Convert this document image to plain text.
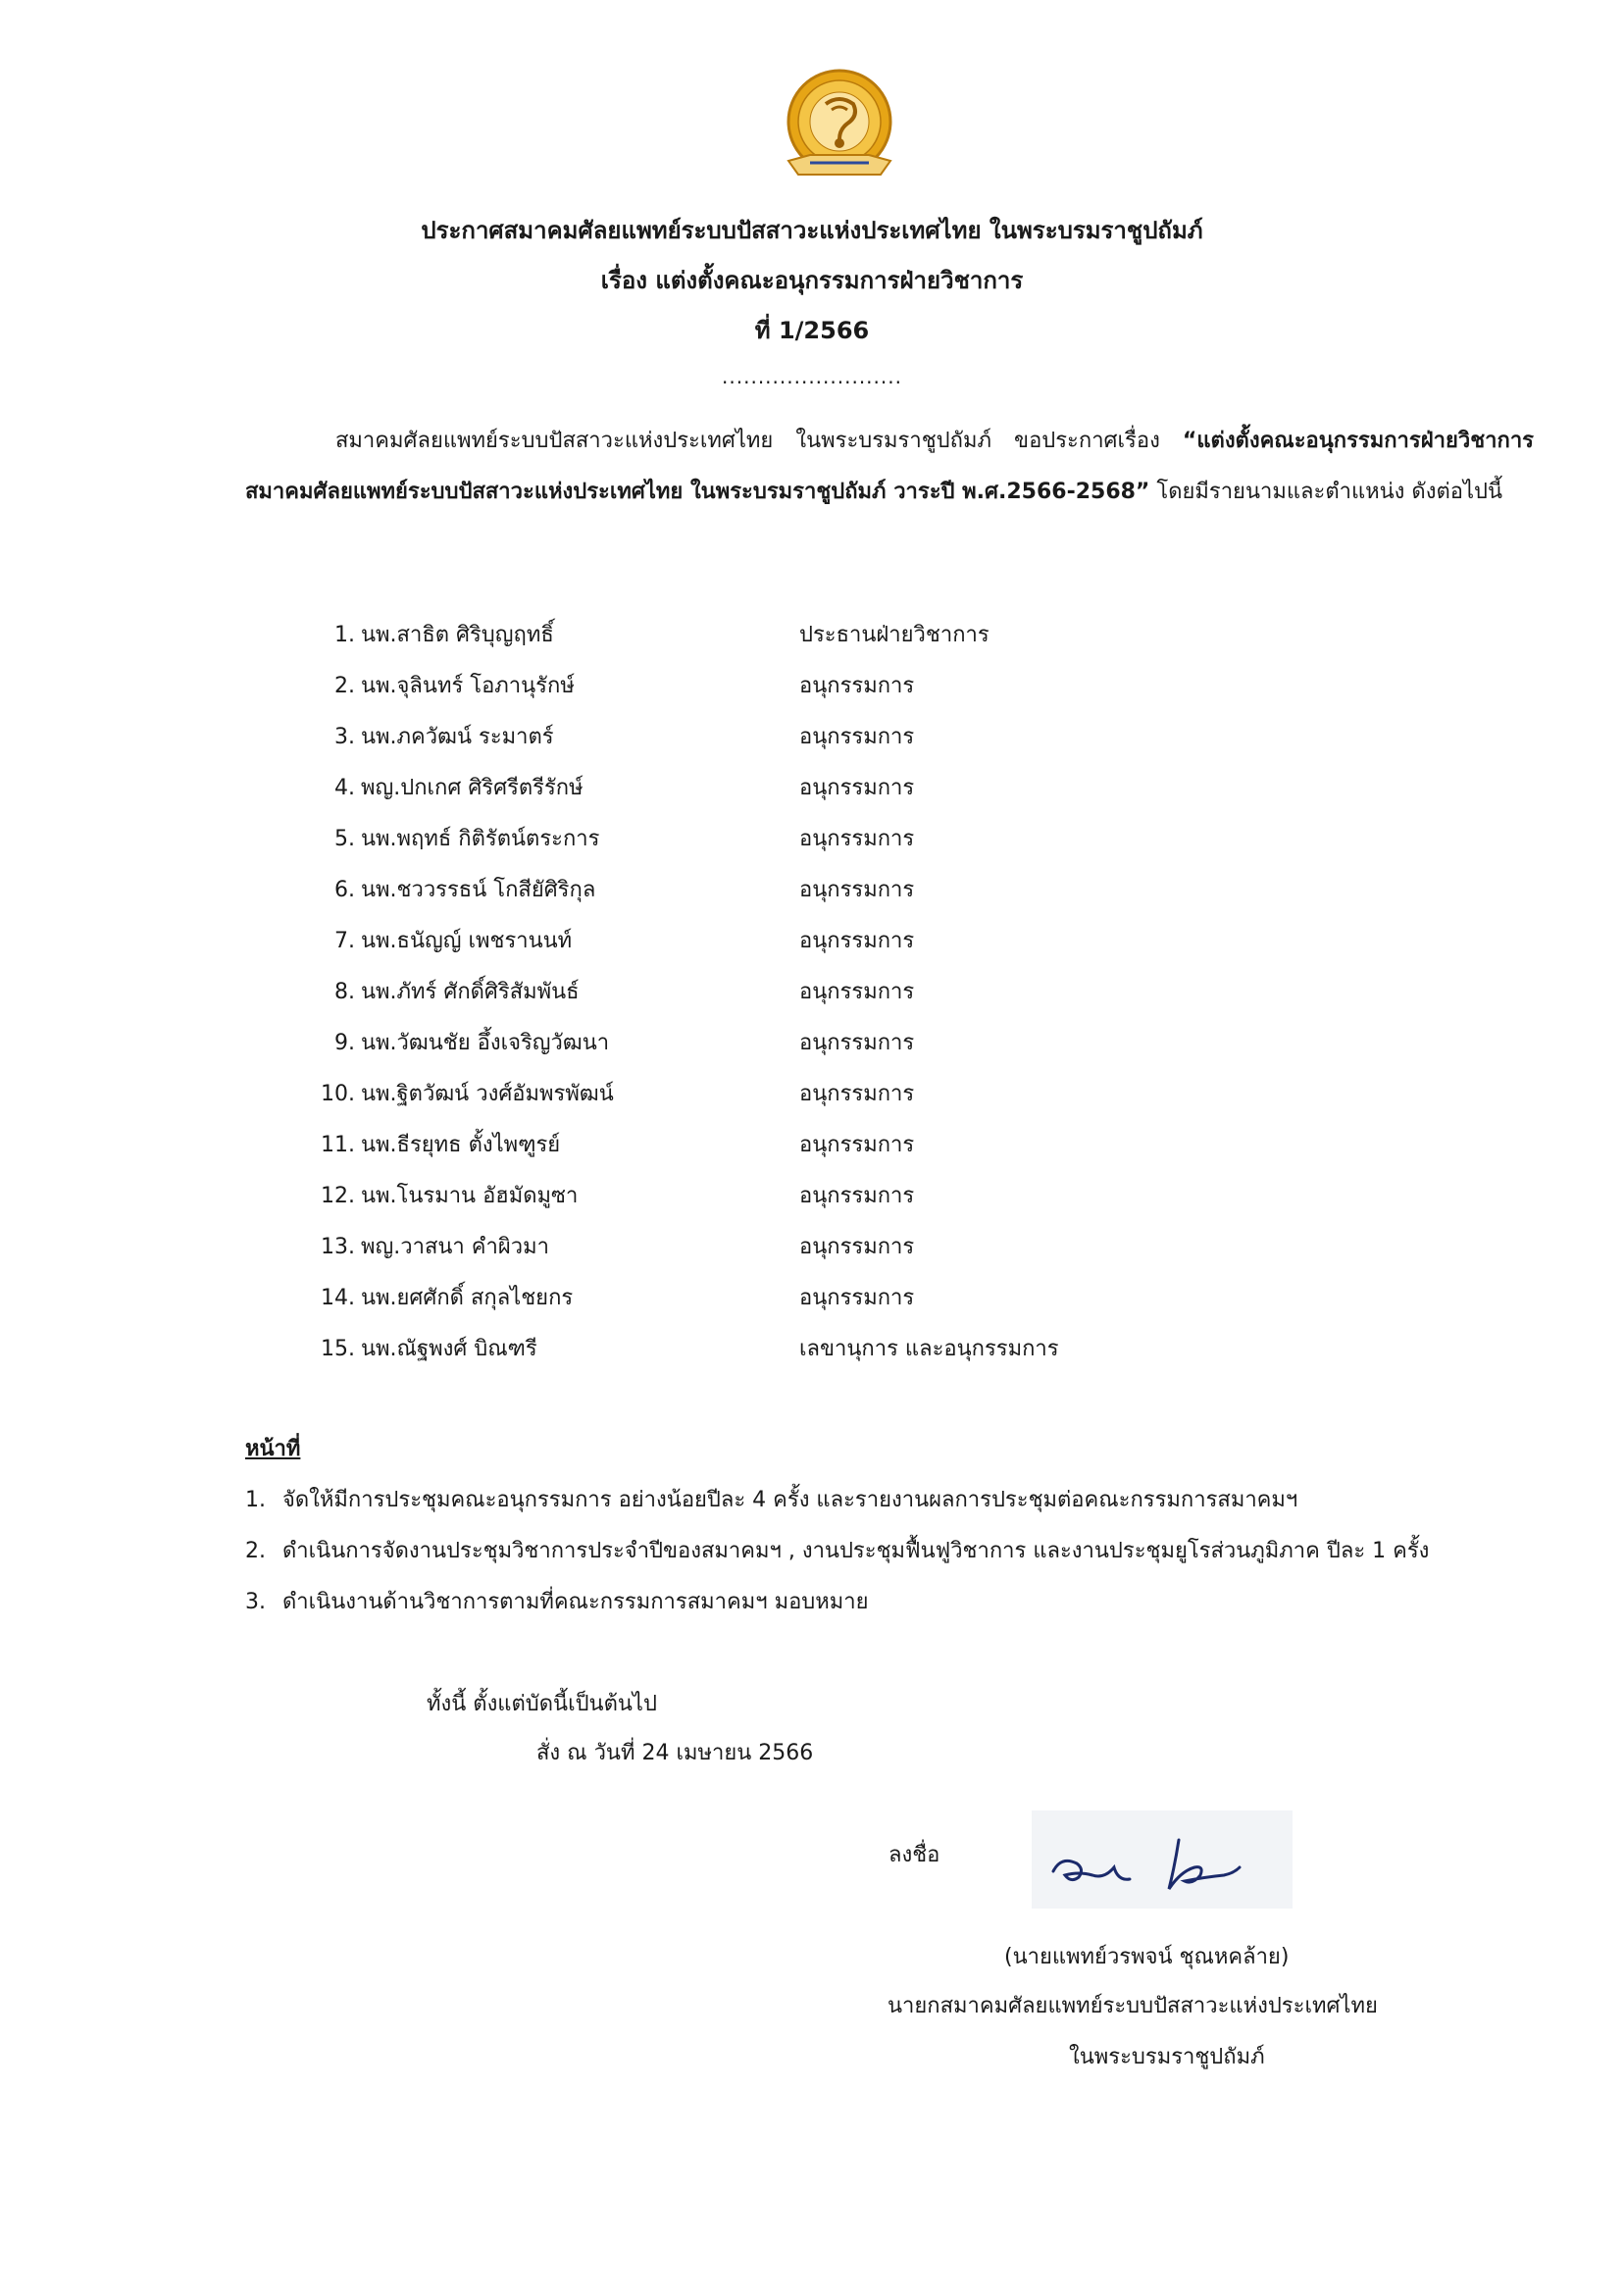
ประกาศสมาคมศัลยแพทย์ระบบปัสสาวะแห่งประเทศไทย ในพระบรมราชูปถัมภ์
เรื่อง แต่งตั้งคณะอนุกรรมการฝ่ายวิชาการ
ที่ 1/2566
.........................
สมาคมศัลยแพทย์ระบบปัสสาวะแห่งประเทศไทย ในพระบรมราชูปถัมภ์ ขอประกาศเรื่อง “แต่งตั้งคณะอนุกรรมการฝ่ายวิชาการ สมาคมศัลยแพทย์ระบบปัสสาวะแห่งประเทศไทย ในพระบรมราชูปถัมภ์ วาระปี พ.ศ.2566-2568” โดยมีรายนามและตำแหน่ง ดังต่อไปนี้
1. นพ.สาธิต ศิริบุญฤทธิ์	ประธานฝ่ายวิชาการ
2. นพ.จุลินทร์ โอภานุรักษ์	อนุกรรมการ
3. นพ.ภควัฒน์ ระมาตร์	อนุกรรมการ
4. พญ.ปกเกศ ศิริศรีตรีรักษ์	อนุกรรมการ
5. นพ.พฤทธ์ กิติรัตน์ตระการ	อนุกรรมการ
6. นพ.ชววรรธน์ โกสียัศิริกุล	อนุกรรมการ
7. นพ.ธนัญญ์ เพชรานนท์	อนุกรรมการ
8. นพ.ภัทร์ ศักดิ์ศิริสัมพันธ์	อนุกรรมการ
9. นพ.วัฒนชัย อึ้งเจริญวัฒนา	อนุกรรมการ
10. นพ.ฐิตวัฒน์ วงศ์อัมพรพัฒน์	อนุกรรมการ
11. นพ.ธีรยุทธ ตั้งไพฑูรย์	อนุกรรมการ
12. นพ.โนรมาน อัฮมัดมูซา	อนุกรรมการ
13. พญ.วาสนา คำผิวมา	อนุกรรมการ
14. นพ.ยศศักดิ์ สกุลไชยกร	อนุกรรมการ
15. นพ.ณัฐพงศ์ บิณฑรี	เลขานุการ และอนุกรรมการ
หน้าที่
1. จัดให้มีการประชุมคณะอนุกรรมการ อย่างน้อยปีละ 4 ครั้ง และรายงานผลการประชุมต่อคณะกรรมการสมาคมฯ
2. ดำเนินการจัดงานประชุมวิชาการประจำปีของสมาคมฯ , งานประชุมฟื้นฟูวิชาการ และงานประชุมยูโรส่วนภูมิภาค ปีละ 1 ครั้ง
3. ดำเนินงานด้านวิชาการตามที่คณะกรรมการสมาคมฯ มอบหมาย
ทั้งนี้ ตั้งแต่บัดนี้เป็นต้นไป
สั่ง ณ วันที่ 24 เมษายน 2566
ลงชื่อ
(นายแพทย์วรพจน์ ชุณหคล้าย)
นายกสมาคมศัลยแพทย์ระบบปัสสาวะแห่งประเทศไทย
ในพระบรมราชูปถัมภ์
